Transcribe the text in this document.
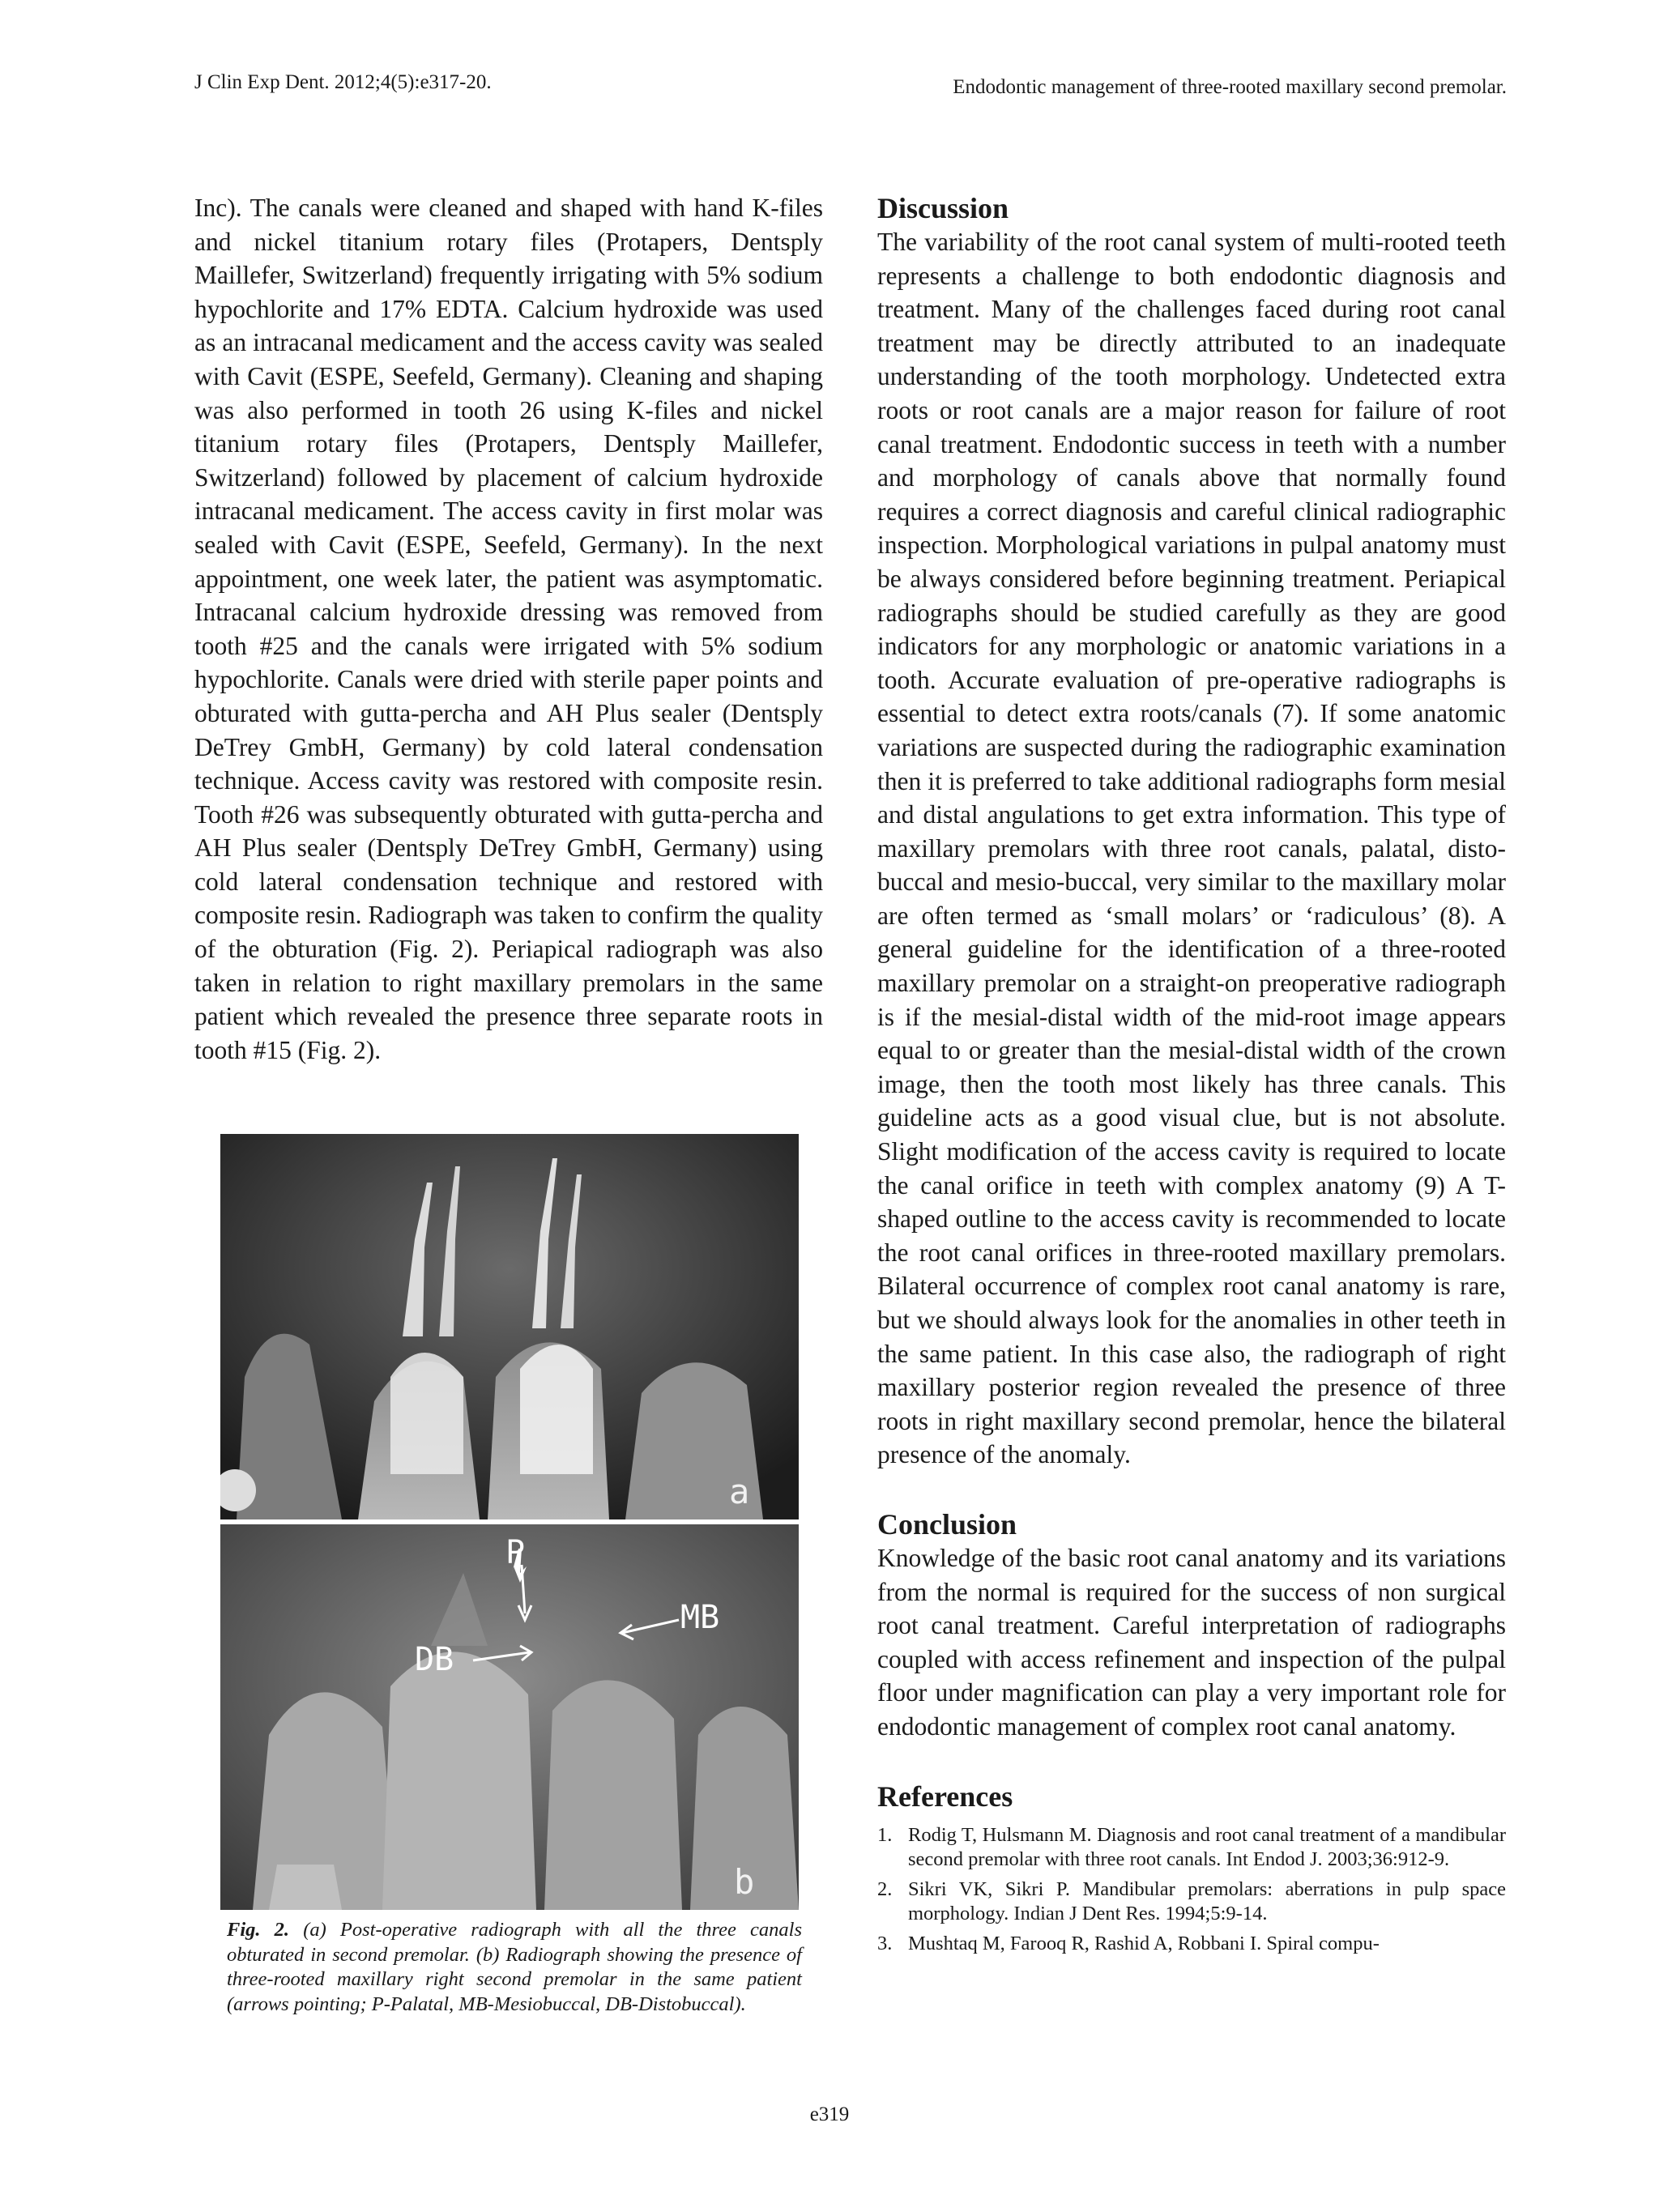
J Clin Exp Dent. 2012;4(5):e317-20.	Endodontic management of three-rooted maxillary second premolar.

Inc). The canals were cleaned and shaped with hand K-files and nickel titanium rotary files (Protapers, Dentsply Maillefer, Switzerland) frequently irrigating with 5% sodium hypochlorite and 17% EDTA. Calcium hydroxide was used as an intracanal medicament and the access cavity was sealed with Cavit (ESPE, Seefeld, Germany). Cleaning and shaping was also performed in tooth 26 using K-files and nickel titanium rotary files (Protapers, Dentsply Maillefer, Switzerland) followed by placement of calcium hydroxide intracanal medicament. The access cavity in first molar was sealed with Cavit (ESPE, Seefeld, Germany). In the next appointment, one week later, the patient was asymptomatic. Intracanal calcium hydroxide dressing was removed from tooth #25 and the canals were irrigated with 5% sodium hypochlorite. Canals were dried with sterile paper points and obturated with gutta-percha and AH Plus sealer (Dentsply DeTrey GmbH, Germany) by cold lateral condensation technique. Access cavity was restored with composite resin. Tooth #26 was subsequently obturated with gutta-percha and AH Plus sealer (Dentsply DeTrey GmbH, Germany) using cold lateral condensation technique and restored with composite resin. Radiograph was taken to confirm the quality of the obturation (Fig. 2). Periapical radiograph was also taken in relation to right maxillary premolars in the same patient which revealed the presence three separate roots in tooth #15 (Fig. 2).

a
P
DB
MB
b
Fig. 2. (a) Post-operative radiograph with all the three canals obturated in second premolar. (b) Radiograph showing the presence of three-rooted maxillary right second premolar in the same patient (arrows pointing; P-Palatal, MB-Mesiobuccal, DB-Distobuccal).
Discussion

The variability of the root canal system of multi-rooted teeth represents a challenge to both endodontic diagnosis and treatment. Many of the challenges faced during root canal treatment may be directly attributed to an inadequate understanding of the tooth morphology. Undetected extra roots or root canals are a major reason for failure of root canal treatment. Endodontic success in teeth with a number and morphology of canals above that normally found requires a correct diagnosis and careful clinical radiographic inspection. Morphological variations in pulpal anatomy must be always considered before beginning treatment. Periapical radiographs should be studied carefully as they are good indicators for any morphologic or anatomic variations in a tooth. Accurate evaluation of pre-operative radiographs is essential to detect extra roots/canals (7). If some anatomic variations are suspected during the radiographic examination then it is preferred to take additional radiographs form mesial and distal angulations to get extra information. This type of maxillary premolars with three root canals, palatal, disto-buccal and mesio-buccal, very similar to the maxillary molar are often termed as ‘small molars’ or ‘radiculous’ (8). A general guideline for the identification of a three-rooted maxillary premolar on a straight-on preoperative radiograph is if the mesial-distal width of the mid-root image appears equal to or greater than the mesial-distal width of the crown image, then the tooth most likely has three canals. This guideline acts as a good visual clue, but is not absolute. Slight modification of the access cavity is required to locate the canal orifice in teeth with complex anatomy (9) A T-shaped outline to the access cavity is recommended to locate the root canal orifices in three-rooted maxillary premolars. Bilateral occurrence of complex root canal anatomy is rare, but we should always look for the anomalies in other teeth in the same patient. In this case also, the radiograph of right maxillary posterior region revealed the presence of three roots in right maxillary second premolar, hence the bilateral presence of the anomaly.

Conclusion

Knowledge of the basic root canal anatomy and its variations from the normal is required for the success of non surgical root canal treatment. Careful interpretation of radiographs coupled with access refinement and inspection of the pulpal floor under magnification can play a very important role for endodontic management of complex root canal anatomy.

References
1. Rodig T, Hulsmann M. Diagnosis and root canal treatment of a mandibular second premolar with three root canals. Int Endod J. 2003;36:912-9.
2. Sikri VK, Sikri P. Mandibular premolars: aberrations in pulp space morphology. Indian J Dent Res. 1994;5:9-14.
3. Mushtaq M, Farooq R, Rashid A, Robbani I. Spiral compu-
e319
